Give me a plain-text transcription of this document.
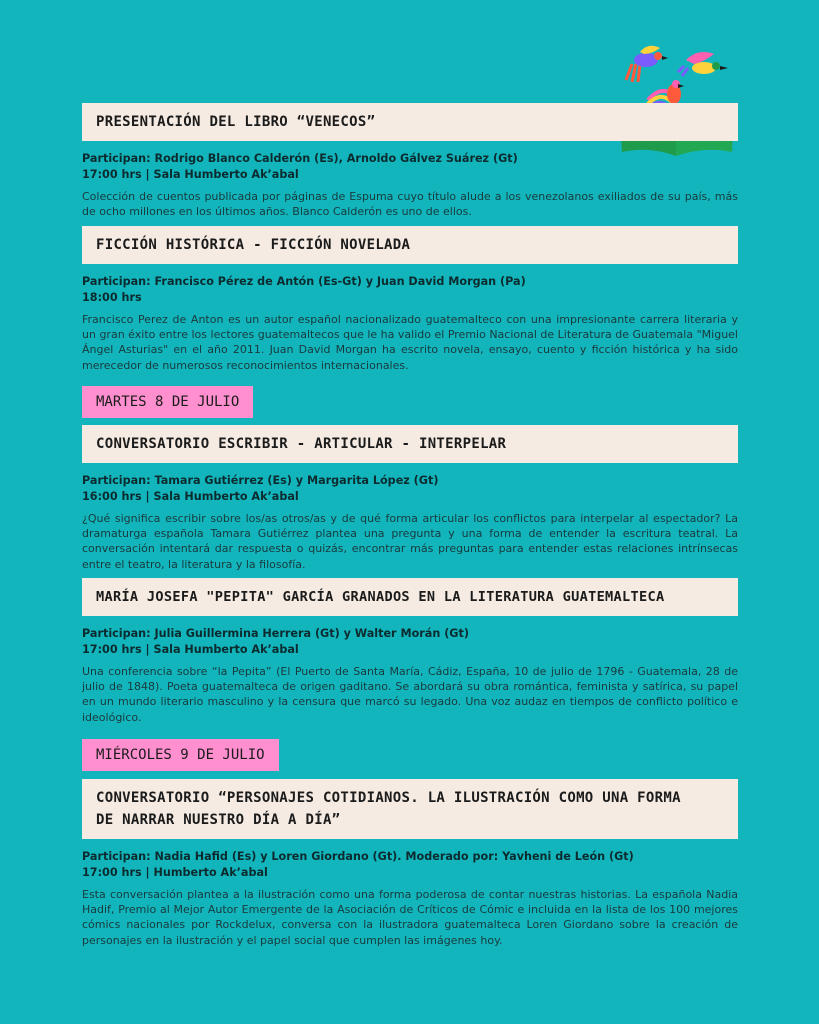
PRESENTACIÓN DEL LIBRO “VENECOS”
Participan: Rodrigo Blanco Calderón (Es), Arnoldo Gálvez Suárez (Gt)
17:00 hrs | Sala Humberto Ak’abal
Colección de cuentos publicada por páginas de Espuma cuyo título alude a los venezolanos exiliados de su país, más de ocho millones en los últimos años. Blanco Calderón es uno de ellos.
FICCIÓN HISTÓRICA - FICCIÓN NOVELADA
Participan: Francisco Pérez de Antón (Es-Gt) y Juan David Morgan (Pa)
18:00 hrs
Francisco Perez de Anton es un autor español nacionalizado guatemalteco con una impresionante carrera literaria y un gran éxito entre los lectores guatemaltecos que le ha valido el Premio Nacional de Literatura de Guatemala "Miguel Ángel Asturias" en el año 2011. Juan David Morgan ha escrito novela, ensayo, cuento y ficción histórica y ha sido merecedor de numerosos reconocimientos internacionales.
MARTES 8 DE JULIO
CONVERSATORIO ESCRIBIR - ARTICULAR - INTERPELAR
Participan: Tamara Gutiérrez (Es) y Margarita López (Gt)
16:00 hrs | Sala Humberto Ak’abal
¿Qué significa escribir sobre los/as otros/as y de qué forma articular los conflictos para interpelar al espectador? La dramaturga española Tamara Gutiérrez plantea una pregunta y una forma de entender la escritura teatral. La conversación intentará dar respuesta o quizás, encontrar más preguntas para entender estas relaciones intrínsecas entre el teatro, la literatura y la filosofía.
MARÍA JOSEFA "PEPITA" GARCÍA GRANADOS EN LA LITERATURA GUATEMALTECA
Participan: Julia Guillermina Herrera (Gt) y Walter Morán (Gt)
17:00 hrs | Sala Humberto Ak’abal
Una conferencia sobre “la Pepita” (El Puerto de Santa María, Cádiz, España, 10 de julio de 1796 - Guatemala, 28 de julio de 1848). Poeta guatemalteca de origen gaditano. Se abordará su obra romántica, feminista y satírica, su papel en un mundo literario masculino y la censura que marcó su legado. Una voz audaz en tiempos de conflicto político e ideológico.
MIÉRCOLES 9 DE JULIO
CONVERSATORIO “PERSONAJES COTIDIANOS. LA ILUSTRACIÓN COMO UNA FORMA DE NARRAR NUESTRO DÍA A DÍA”
Participan: Nadia Hafid (Es) y Loren Giordano (Gt). Moderado por: Yavheni de León (Gt)
17:00 hrs | Humberto Ak’abal
Esta conversación plantea a la ilustración como una forma poderosa de contar nuestras historias. La española Nadia Hadif, Premio al Mejor Autor Emergente de la Asociación de Críticos de Cómic e incluida en la lista de los 100 mejores cómics nacionales por Rockdelux, conversa con la ilustradora guatemalteca Loren Giordano sobre la creación de personajes en la ilustración y el papel social que cumplen las imágenes hoy.
